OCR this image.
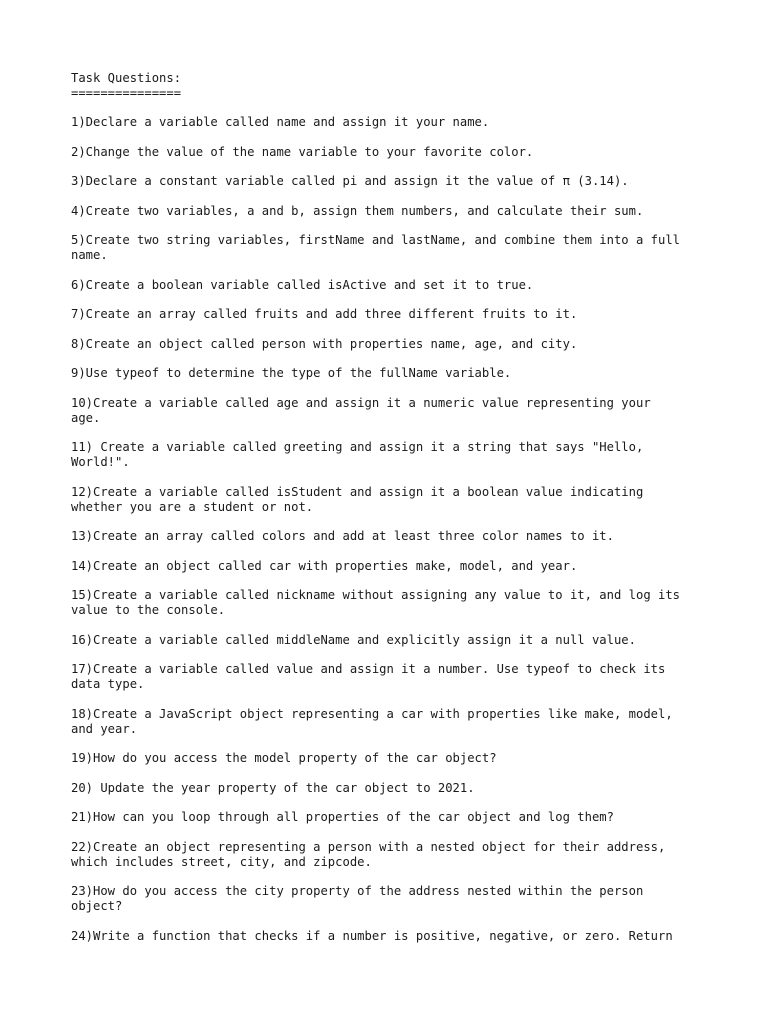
Task Questions:

===============

1)Declare a variable called name and assign it your name.
2)Change the value of the name variable to your favorite color.
3)Declare a constant variable called pi and assign it the value of π (3.14).
4)Create two variables, a and b, assign them numbers, and calculate their sum.
5)Create two string variables, firstName and lastName, and combine them into a full
name.
6)Create a boolean variable called isActive and set it to true.
7)Create an array called fruits and add three different fruits to it.
8)Create an object called person with properties name, age, and city.
9)Use typeof to determine the type of the fullName variable.
10)Create a variable called age and assign it a numeric value representing your
age.
11) Create a variable called greeting and assign it a string that says "Hello,
World!".
12)Create a variable called isStudent and assign it a boolean value indicating
whether you are a student or not.
13)Create an array called colors and add at least three color names to it.
14)Create an object called car with properties make, model, and year.
15)Create a variable called nickname without assigning any value to it, and log its
value to the console.
16)Create a variable called middleName and explicitly assign it a null value.
17)Create a variable called value and assign it a number. Use typeof to check its
data type.
18)Create a JavaScript object representing a car with properties like make, model,
and year.
19)How do you access the model property of the car object?
20) Update the year property of the car object to 2021.
21)How can you loop through all properties of the car object and log them?
22)Create an object representing a person with a nested object for their address,
which includes street, city, and zipcode.
23)How do you access the city property of the address nested within the person
object?
24)Write a function that checks if a number is positive, negative, or zero. Return
